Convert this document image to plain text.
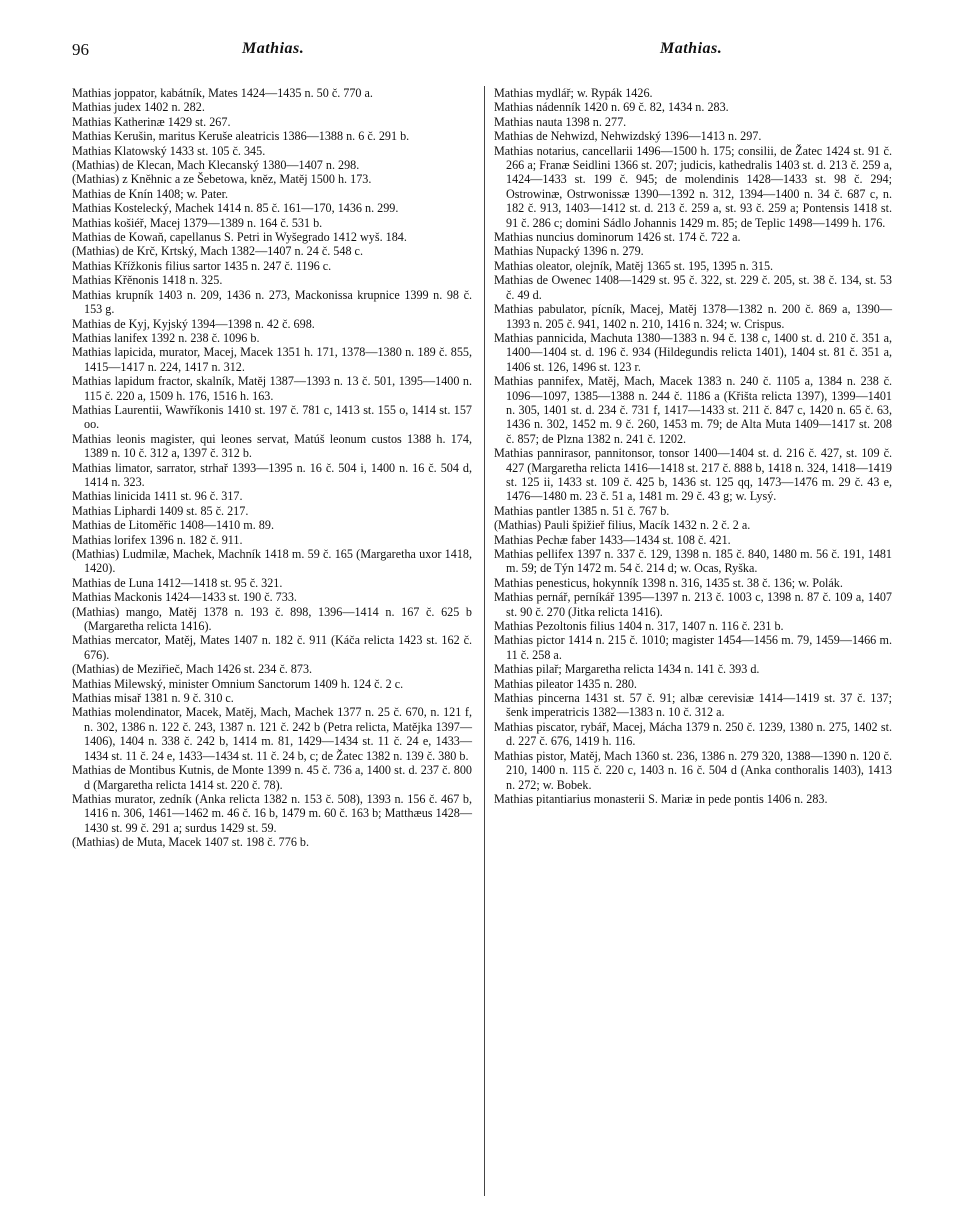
96	Mathias.	Mathias.

Mathias joppator, kabátník, Mates 1424—1435 n. 50 č. 770 a.

Mathias judex 1402 n. 282.

Mathias Katherinæ 1429 st. 267.

Mathias Kerušin, maritus Keruše aleatricis 1386—1388 n. 6 č. 291 b.

Mathias Klatowský 1433 st. 105 č. 345.

(Mathias) de Klecan, Mach Klecanský 1380—1407 n. 298.

(Mathias) z Kněhnic a ze Šebetowa, kněz, Matěj 1500 h. 173.

Mathias de Knín 1408; w. Pater.

Mathias Kostelecký, Machek 1414 n. 85 č. 161—170, 1436 n. 299.

Mathias košiéř, Macej 1379—1389 n. 164 č. 531 b.

Mathias de Kowaň, capellanus S. Petri in Wyšegrado 1412 wyš. 184.

(Mathias) de Krč, Krtský, Mach 1382—1407 n. 24 č. 548 c.

Mathias Křížkonis filius sartor 1435 n. 247 č. 1196 c.

Mathias Křěnonis 1418 n. 325.

Mathias krupník 1403 n. 209, 1436 n. 273, Mackonissa krupnice 1399 n. 98 č. 153 g.

Mathias de Kyj, Kyjský 1394—1398 n. 42 č. 698.

Mathias lanifex 1392 n. 238 č. 1096 b.

Mathias lapicida, murator, Macej, Macek 1351 h. 171, 1378—1380 n. 189 č. 855, 1415—1417 n. 224, 1417 n. 312.

Mathias lapidum fractor, skalník, Matěj 1387—1393 n. 13 č. 501, 1395—1400 n. 115 č. 220 a, 1509 h. 176, 1516 h. 163.

Mathias Laurentii, Wawříkonis 1410 st. 197 č. 781 c, 1413 st. 155 o, 1414 st. 157 oo.

Mathias leonis magister, qui leones servat, Matúš leonum custos 1388 h. 174, 1389 n. 10 č. 312 a, 1397 č. 312 b.

Mathias limator, sarrator, strhař 1393—1395 n. 16 č. 504 i, 1400 n. 16 č. 504 d, 1414 n. 323.

Mathias linicida 1411 st. 96 č. 317.

Mathias Liphardi 1409 st. 85 č. 217.

Mathias de Litoměřic 1408—1410 m. 89.

Mathias lorifex 1396 n. 182 č. 911.

(Mathias) Ludmilæ, Machek, Machník 1418 m. 59 č. 165 (Margaretha uxor 1418, 1420).

Mathias de Luna 1412—1418 st. 95 č. 321.

Mathias Mackonis 1424—1433 st. 190 č. 733.

(Mathias) mango, Matěj 1378 n. 193 č. 898, 1396—1414 n. 167 č. 625 b (Margaretha relicta 1416).

Mathias mercator, Matěj, Mates 1407 n. 182 č. 911 (Káča relicta 1423 st. 162 č. 676).

(Mathias) de Meziřieč, Mach 1426 st. 234 č. 873.

Mathias Milewský, minister Omnium Sanctorum 1409 h. 124 č. 2 c.

Mathias misař 1381 n. 9 č. 310 c.

Mathias molendinator, Macek, Matěj, Mach, Machek 1377 n. 25 č. 670, n. 121 f, n. 302, 1386 n. 122 č. 243, 1387 n. 121 č. 242 b (Petra relicta, Matějka 1397—1406), 1404 n. 338 č. 242 b, 1414 m. 81, 1429—1434 st. 11 č. 24 e, 1433—1434 st. 11 č. 24 e, 1433—1434 st. 11 č. 24 b, c; de Žatec 1382 n. 139 č. 380 b.

Mathias de Montibus Kutnis, de Monte 1399 n. 45 č. 736 a, 1400 st. d. 237 č. 800 d (Margaretha relicta 1414 st. 220 č. 78).

Mathias murator, zedník (Anka relicta 1382 n. 153 č. 508), 1393 n. 156 č. 467 b, 1416 n. 306, 1461—1462 m. 46 č. 16 b, 1479 m. 60 č. 163 b; Matthæus 1428—1430 st. 99 č. 291 a; surdus 1429 st. 59.

(Mathias) de Muta, Macek 1407 st. 198 č. 776 b.

Mathias mydlář; w. Rypák 1426.

Mathias nádenník 1420 n. 69 č. 82, 1434 n. 283.

Mathias nauta 1398 n. 277.

Mathias de Nehwizd, Nehwizdský 1396—1413 n. 297.

Mathias notarius, cancellarii 1496—1500 h. 175; consilii, de Žatec 1424 st. 91 č. 266 a; Franæ Seidlini 1366 st. 207; judicis, kathedralis 1403 st. d. 213 č. 259 a, 1424—1433 st. 199 č. 945; de molendinis 1428—1433 st. 98 č. 294; Ostrowinæ, Ostrwonissæ 1390—1392 n. 312, 1394—1400 n. 34 č. 687 c, n. 182 č. 913, 1403—1412 st. d. 213 č. 259 a, st. 93 č. 259 a; Pontensis 1418 st. 91 č. 286 c; domini Sádlo Johannis 1429 m. 85; de Teplic 1498—1499 h. 176.

Mathias nuncius dominorum 1426 st. 174 č. 722 a.

Mathias Nupacký 1396 n. 279.

Mathias oleator, olejník, Matěj 1365 st. 195, 1395 n. 315.

Mathias de Owenec 1408—1429 st. 95 č. 322, st. 229 č. 205, st. 38 č. 134, st. 53 č. 49 d.

Mathias pabulator, pícník, Macej, Matěj 1378—1382 n. 200 č. 869 a, 1390—1393 n. 205 č. 941, 1402 n. 210, 1416 n. 324; w. Crispus.

Mathias pannicida, Machuta 1380—1383 n. 94 č. 138 c, 1400 st. d. 210 č. 351 a, 1400—1404 st. d. 196 č. 934 (Hildegundis relicta 1401), 1404 st. 81 č. 351 a, 1406 st. 126, 1496 st. 123 r.

Mathias pannifex, Matěj, Mach, Macek 1383 n. 240 č. 1105 a, 1384 n. 238 č. 1096—1097, 1385—1388 n. 244 č. 1186 a (Křišta relicta 1397), 1399—1401 n. 305, 1401 st. d. 234 č. 731 f, 1417—1433 st. 211 č. 847 c, 1420 n. 65 č. 63, 1436 n. 302, 1452 m. 9 č. 260, 1453 m. 79; de Alta Muta 1409—1417 st. 208 č. 857; de Plzna 1382 n. 241 č. 1202.

Mathias pannirasor, pannitonsor, tonsor 1400—1404 st. d. 216 č. 427, st. 109 č. 427 (Margaretha relicta 1416—1418 st. 217 č. 888 b, 1418 n. 324, 1418—1419 st. 125 ii, 1433 st. 109 č. 425 b, 1436 st. 125 qq, 1473—1476 m. 29 č. 43 e, 1476—1480 m. 23 č. 51 a, 1481 m. 29 č. 43 g; w. Lysý.

Mathias pantler 1385 n. 51 č. 767 b.

(Mathias) Pauli špižieř filius, Macík 1432 n. 2 č. 2 a.

Mathias Pechæ faber 1433—1434 st. 108 č. 421.

Mathias pellifex 1397 n. 337 č. 129, 1398 n. 185 č. 840, 1480 m. 56 č. 191, 1481 m. 59; de Týn 1472 m. 54 č. 214 d; w. Ocas, Ryška.

Mathias penesticus, hokynník 1398 n. 316, 1435 st. 38 č. 136; w. Polák.

Mathias pernář, perníkář 1395—1397 n. 213 č. 1003 c, 1398 n. 87 č. 109 a, 1407 st. 90 č. 270 (Jitka relicta 1416).

Mathias Pezoltonis filius 1404 n. 317, 1407 n. 116 č. 231 b.

Mathias pictor 1414 n. 215 č. 1010; magister 1454—1456 m. 79, 1459—1466 m. 11 č. 258 a.

Mathias pilař; Margaretha relicta 1434 n. 141 č. 393 d.

Mathias pileator 1435 n. 280.

Mathias pincerna 1431 st. 57 č. 91; albæ cerevisiæ 1414—1419 st. 37 č. 137; šenk imperatricis 1382—1383 n. 10 č. 312 a.

Mathias piscator, rybář, Macej, Mácha 1379 n. 250 č. 1239, 1380 n. 275, 1402 st. d. 227 č. 676, 1419 h. 116.

Mathias pistor, Matěj, Mach 1360 st. 236, 1386 n. 279 320, 1388—1390 n. 120 č. 210, 1400 n. 115 č. 220 c, 1403 n. 16 č. 504 d (Anka conthoralis 1403), 1413 n. 272; w. Bobek.

Mathias pitantiarius monasterii S. Mariæ in pede pontis 1406 n. 283.
